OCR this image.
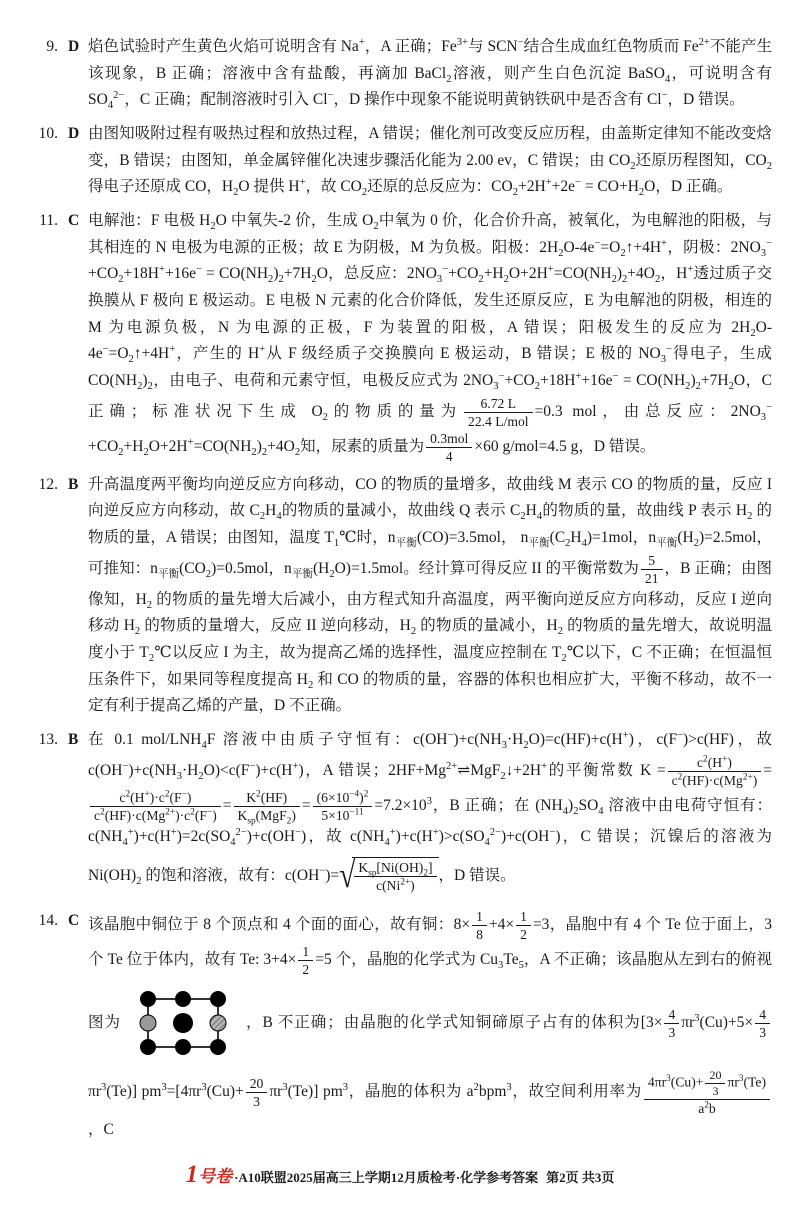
9. D 焰色试验时产生黄色火焰可说明含有 Na+，A 正确；$Fe^{3+}$与 SCN−结合生成血红色物质而 $Fe^{2+}$不能产生该现象，B 正确；溶液中含有盐酸，再滴加 BaCl$_2$溶液，则产生白色沉淀 BaSO$_4$，可说明含有 $SO_4^{2-}$，C 正确；配制溶液时引入 Cl−，D 操作中现象不能说明黄钠铁矾中是否含有 Cl−，D 错误。
10. D 由图知吸附过程有吸热过程和放热过程，A 错误；催化剂可改变反应历程，由盖斯定律知不能改变焓变，B 错误；由图知，单金属锌催化决速步骤活化能为 2.00 ev，C 错误；由 $CO_2$还原历程图知，$CO_2$得电子还原成 CO，$H_2O$ 提供 H+，故 $CO_2$还原的总反应为：$CO_2+2H^++2e^- = CO+H_2O$，D 正确。
11. C 电解池：F 电极 $H_2O$ 中氧失-2 价，生成 $O_2$中氧为 0 价，化合价升高，被氧化，为电解池的阳极，与其相连的 N 电极为电源的正极；故 E 为阴极，M 为负极。阳极：$2H_2O-4e^-=O_2↑+4H^+$，阴极：$2NO_3^-+CO_2+18H^++16e^- = CO(NH_2)_2+7H_2O$，总反应：$2NO_3^-+CO_2+H_2O+2H^+=CO(NH_2)_2+4O_2$，H+透过质子交换膜从 F 极向 E 极运动。E 电极 N 元素的化合价降低，发生还原反应，E 为电解池的阴极，相连的 M 为电源负极，N 为电源的正极，F 为装置的阳极，A 错误；阳极发生的反应为 $2H_2O-4e^-=O_2↑+4H^+$，产生的 H+从 F 级经质子交换膜向 E 极运动，B 错误；E 极的 $NO_3^-$得电子，生成 $CO(NH_2)_2$，由电子、电荷和元素守恒，电极反应式为 $2NO_3^-+CO_2+18H^++16e^- = CO(NH_2)_2+7H_2O$，C 正确；标准状况下生成 $O_2$的物质的量为 $\frac{6.72 L}{\text{22.4 L/mol}} =0.3$ mol，由总反应：$2NO_3^-+CO_2+H_2O+2H^+=CO(NH_2)_2+4O_2$知，尿素的质量为 $\frac{\text{0.3mol}}{4} \times 60$ g/mol=4.5 g，D 错误。
12. B 升高温度两平衡均向逆反应方向移动，CO 的物质的量增多，故曲线 M 表示 CO 的物质的量，反应 I 向逆反应方向移动，故 $C_2H_4$的物质的量减小，故曲线 Q 表示 $C_2H_4$的物质的量，故曲线 P 表示 $H_2$ 的物质的量，A 错误；由图知，温度 $T_1℃$时，$n_{平衡}(CO)=3.5mol$， $n_{平衡}(C_2H_4)=1mol$，$n_{平衡}(H_2)=2.5mol$，可推知：$n_{平衡}(CO_2)=0.5mol$，$n_{平衡}(H_2O)=1.5mol$。经计算可得反应 II 的平衡常数为 $\frac{5}{21}$ ，B 正确；由图像知，$H_2$ 的物质的量先增大后减小，由方程式知升高温度，两平衡向逆反应方向移动，反应 I 逆向移动 $H_2$ 的物质的量增大，反应 II 逆向移动，$H_2$ 的物质的量减小，$H_2$ 的物质的量先增大，故说明温度小于 $T_2℃$以反应 I 为主，故为提高乙烯的选择性，温度应控制在 $T_2℃$以下，C 不正确；在恒温恒压条件下，如果同等程度提高 $H_2$ 和 CO 的物质的量，容器的体积也相应扩大，平衡不移动，故不一定有利于提高乙烯的产量，D 不正确。
13. B 在 0.1 mol/$LNH_4F$ 溶液中由质子守恒有：$c(OH^-)+c(NH_3\cdot H_2O)=c(HF)+c(H^+)$，c(F−)>c(HF)，故 $c(OH^-)+c(NH_3\cdot H_2O)<c(F^-)+c(H^+)$，A 错误；$2HF+Mg^{2+}\rightleftharpoons MgF_2↓+2H^+$的平衡常数 $K = \frac{c^2(H^+)}{c^2(HF)\cdot c(Mg^{2+})}$ =
$\frac{c^2(H^+)\cdot c^2(F^-)}{c^2(HF)\cdot c(Mg^{2+})\cdot c^2(F^-)} = \frac{K^2(HF)}{K_{sp}(MgF_2)} = \frac{(6\times 10^{-4})^2}{5\times 10^{-11}} =7.2\times 10^3$，B 正确；在 $(NH_4)_2SO_4$ 溶液中由电荷守恒有：$c(NH_4^+)+c(H^+)=2c(SO_4^{2-})+c(OH^-)$，故 $c(NH_4^+)+c(H^+)>c(SO_4^{2-})+c(OH^-)$，C 错误；沉镍后的溶液为 $Ni(OH)_2$ 的饱和溶液，故有：c(OH−)= √ $\frac{K_{sp}[Ni(OH)_2]}{c(Ni^{2+})}$ ，D 错误。
14. C 该晶胞中铜位于 8 个顶点和 4 个面的面心，故有铜：$8\times \frac{1}{8} +4\times \frac{1}{2} =3$，晶胞中有 4 个 Te 位于面上，3 个 Te 位于体内，故有 Te: $3+4\times \frac{1}{2} =5$ 个，晶胞的化学式为 $Cu_3Te_5$，A 不正确；该晶胞从左到右的俯视图为	，B 不正确；由晶胞的化学式知铜碲原子占有的体积为[$3\times \frac{4}{3} \pi r^3(Cu)+5\times \frac{4}{3}$
$\pi r^3(Te)$] $pm^3=[4\pi r^3(Cu)+ \frac{20}{3} \pi r^3(Te)]$ $pm^3$，晶胞的体积为 $a^2bpm^3$，故空间利用率为 $\frac{4\pi r^3(Cu)+ \frac{20}{3} \pi r^3(Te)}{a^2b}$
，C
1号卷 ·A10联盟2025届高三上学期12月质检考·化学参考答案 第2页 共3页
